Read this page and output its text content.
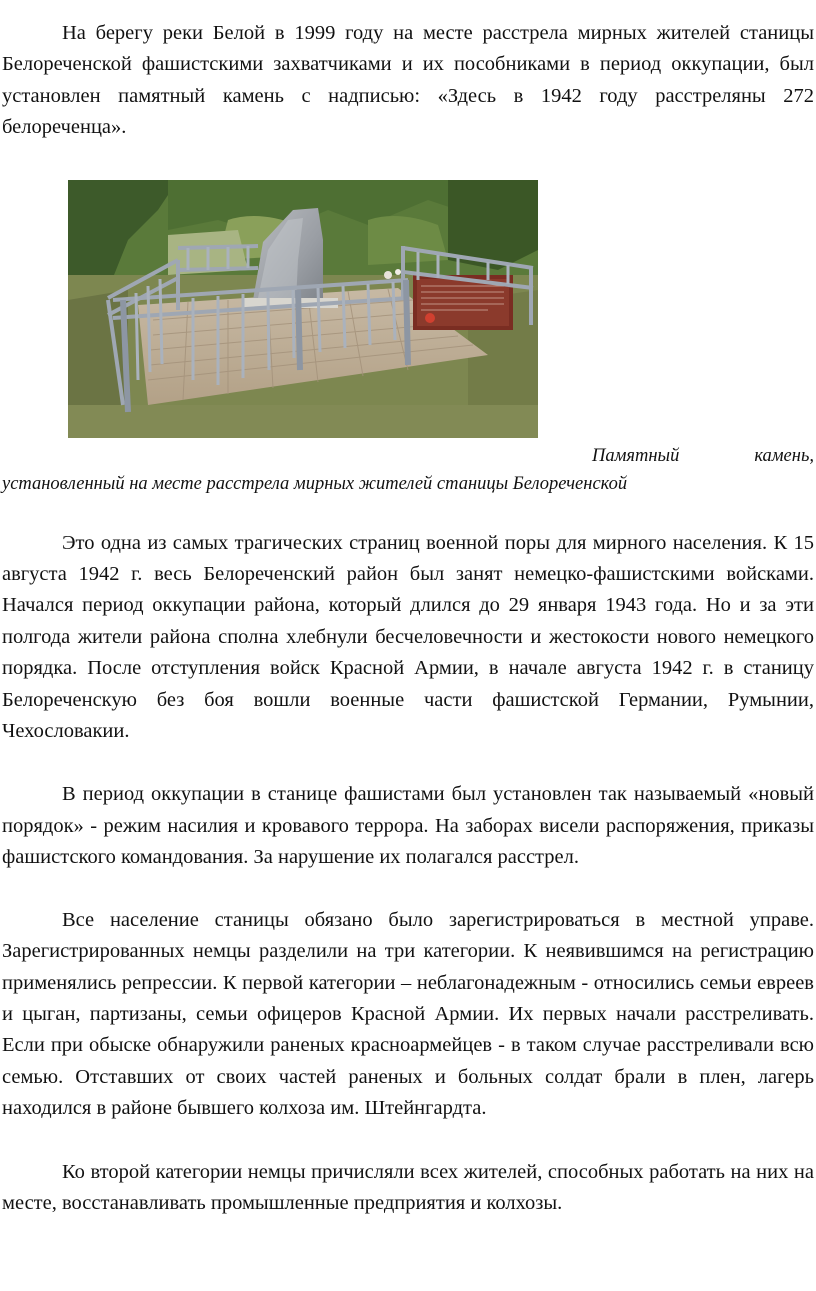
На берегу реки Белой в 1999 году на месте расстрела мирных жителей станицы Белореченской фашистскими захватчиками и их пособниками в период оккупации, был установлен памятный камень с надписью: «Здесь в 1942 году расстреляны 272 белореченца».

Памятный	камень,
установленный на месте расстрела мирных жителей станицы Белореченской

Это одна из самых трагических страниц военной поры для мирного населения. К 15 августа 1942 г. весь Белореченский район был занят немецко-фашистскими войсками. Начался период оккупации района, который длился до 29 января 1943 года. Но и за эти полгода жители района сполна хлебнули бесчеловечности и жестокости нового немецкого порядка. После отступления войск Красной Армии, в начале августа 1942 г. в станицу Белореченскую без боя вошли военные части фашистской Германии, Румынии, Чехословакии.

В период оккупации в станице фашистами был установлен так называемый «новый порядок» - режим насилия и кровавого террора. На заборах висели распоряжения, приказы фашистского командования. За нарушение их полагался расстрел.

Все население станицы обязано было зарегистрироваться в местной управе. Зарегистрированных немцы разделили на три категории. К неявившимся на регистрацию применялись репрессии. К первой категории – неблагонадежным - относились семьи евреев и цыган, партизаны, семьи офицеров Красной Армии. Их первых начали расстреливать. Если при обыске обнаружили раненых красноармейцев - в таком случае расстреливали всю семью. Отставших от своих частей раненых и больных солдат брали в плен, лагерь находился в районе бывшего колхоза им. Штейнгардта.

Ко второй категории немцы причисляли всех жителей, способных работать на них на месте, восстанавливать промышленные предприятия и колхозы.
